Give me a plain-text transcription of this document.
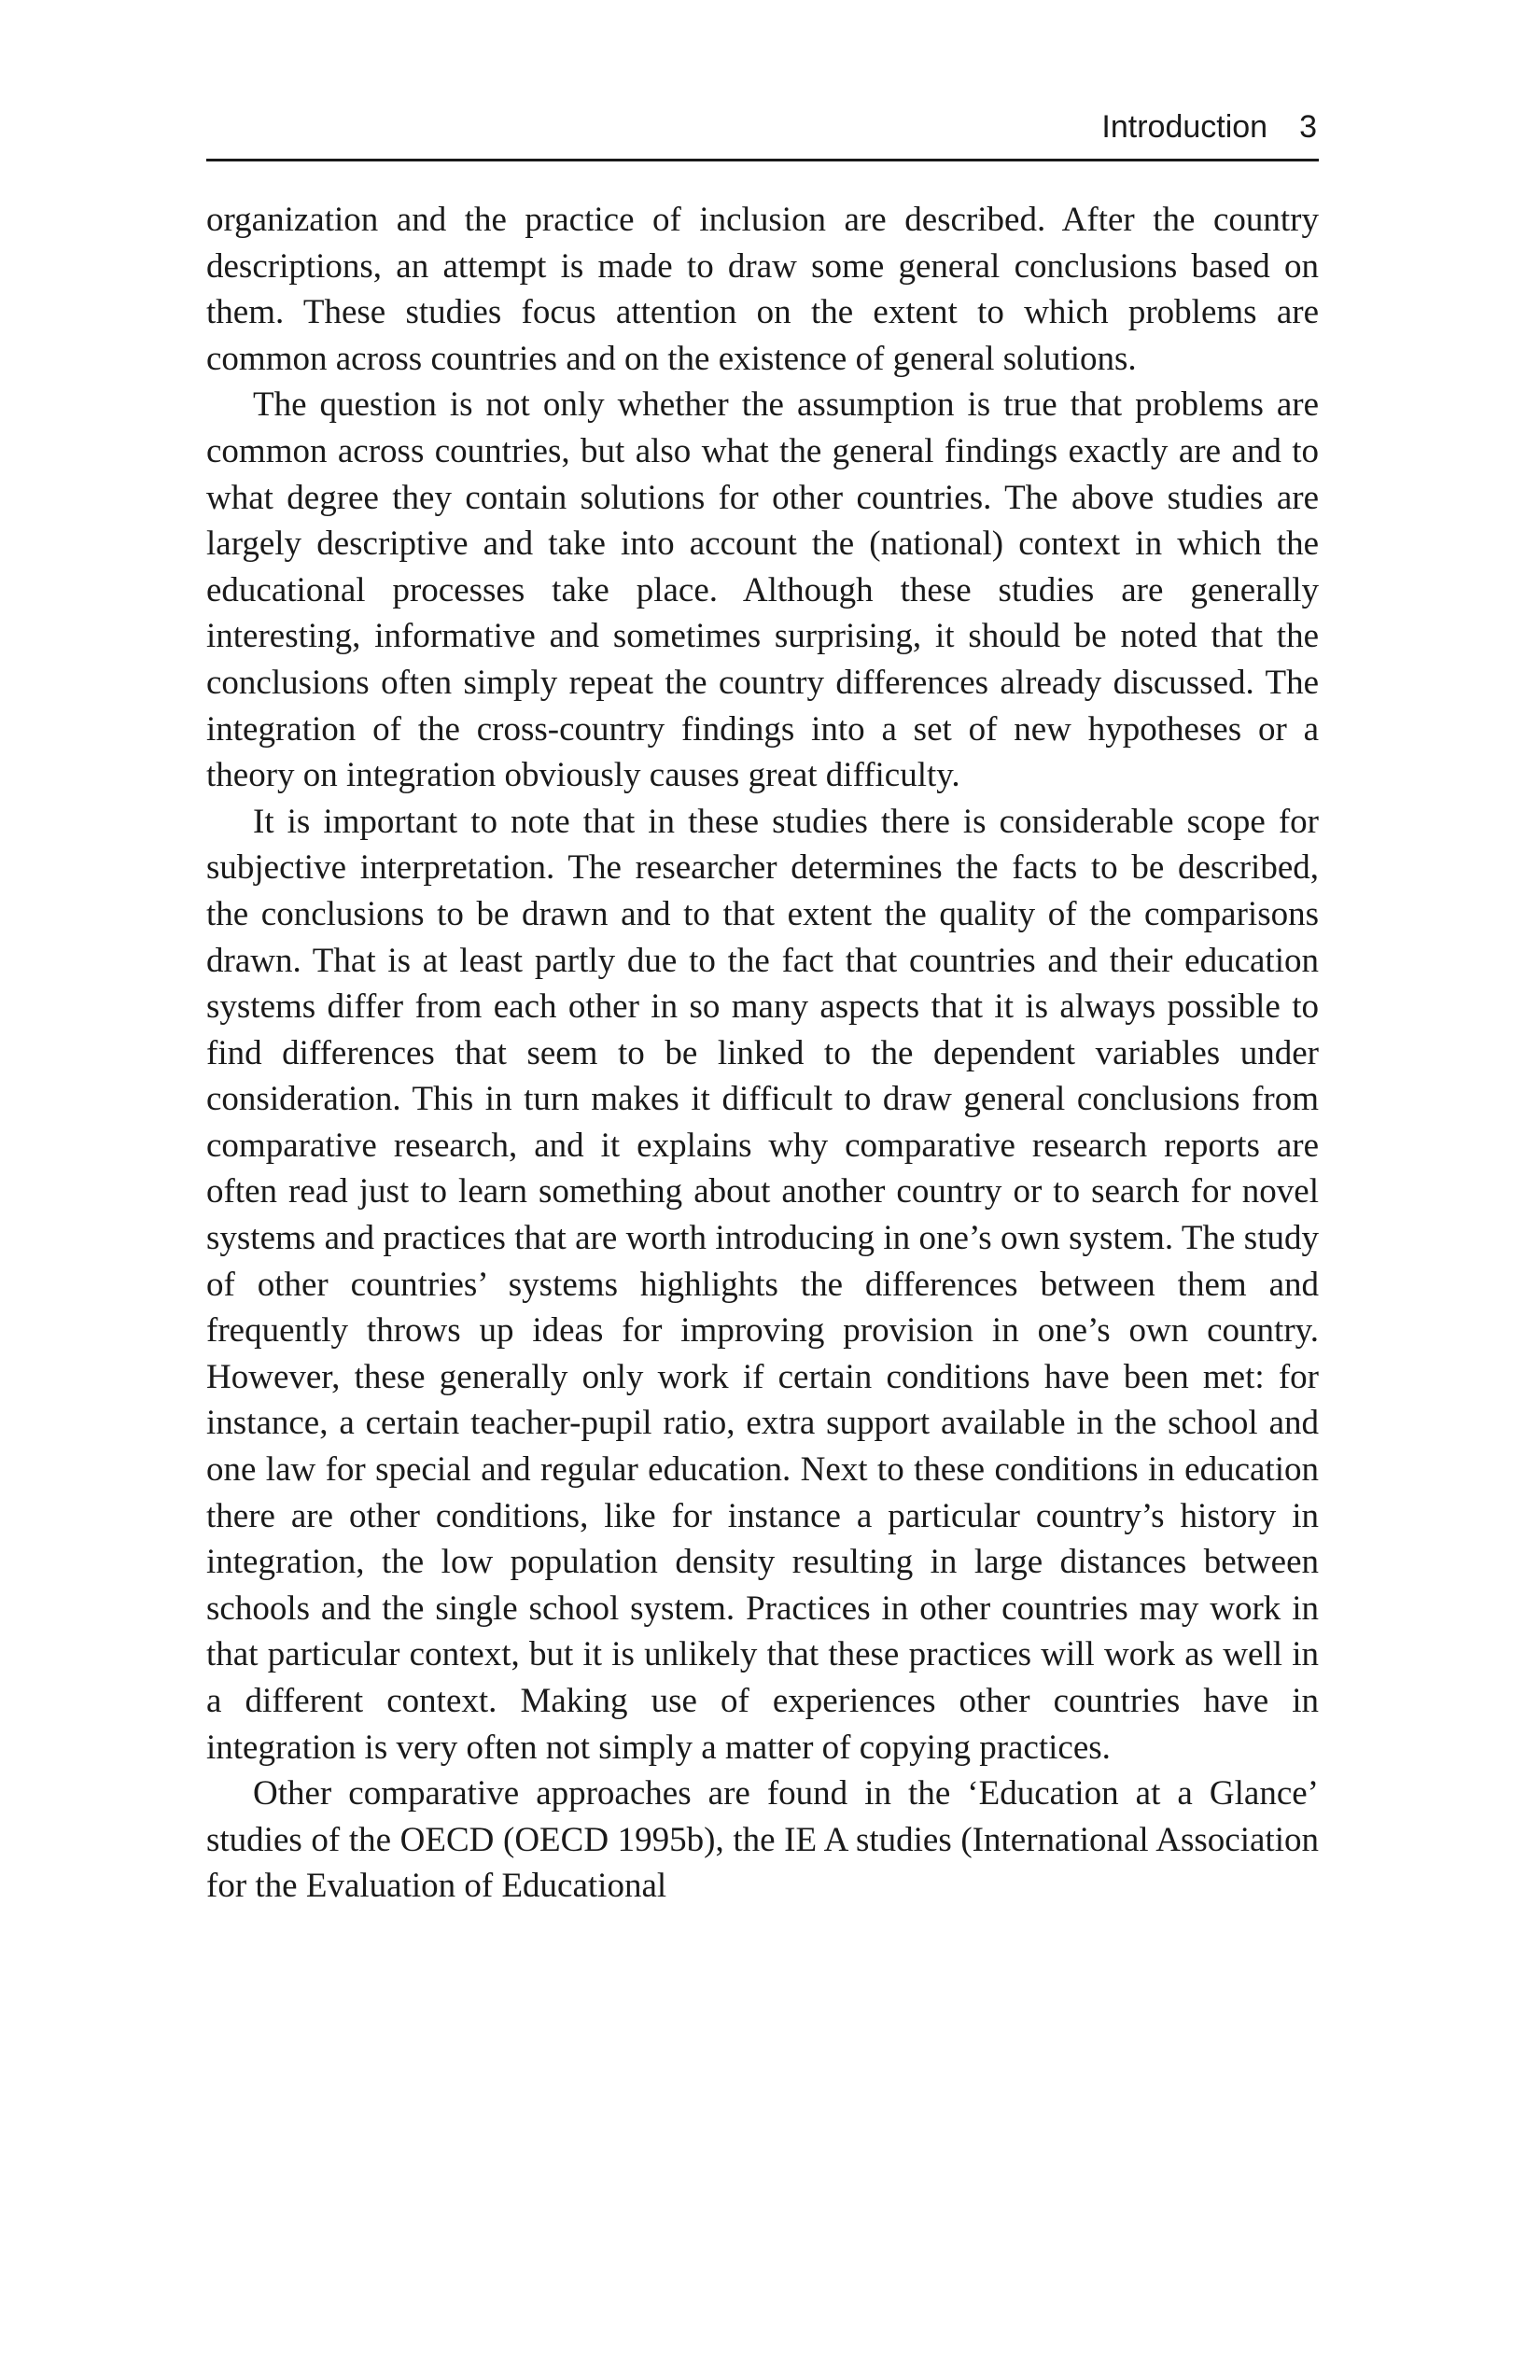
Introduction 3

organization and the practice of inclusion are described. After the country descriptions, an attempt is made to draw some general conclusions based on them. These studies focus attention on the extent to which problems are common across countries and on the existence of general solutions.

The question is not only whether the assumption is true that problems are common across countries, but also what the general findings exactly are and to what degree they contain solutions for other countries. The above studies are largely descriptive and take into account the (national) context in which the educational processes take place. Although these studies are generally interesting, informative and sometimes surprising, it should be noted that the conclusions often simply repeat the country differences already discussed. The integration of the cross-country findings into a set of new hypotheses or a theory on integration obviously causes great difficulty.

It is important to note that in these studies there is considerable scope for subjective interpretation. The researcher determines the facts to be described, the conclusions to be drawn and to that extent the quality of the comparisons drawn. That is at least partly due to the fact that countries and their education systems differ from each other in so many aspects that it is always possible to find differences that seem to be linked to the dependent variables under consideration. This in turn makes it difficult to draw general conclusions from comparative research, and it explains why comparative research reports are often read just to learn something about another country or to search for novel systems and practices that are worth introducing in one’s own system. The study of other countries’ systems highlights the differences between them and frequently throws up ideas for improving provision in one’s own country. However, these generally only work if certain conditions have been met: for instance, a certain teacher-pupil ratio, extra support available in the school and one law for special and regular education. Next to these conditions in education there are other conditions, like for instance a particular country’s history in integration, the low population density resulting in large distances between schools and the single school system. Practices in other countries may work in that particular context, but it is unlikely that these practices will work as well in a different context. Making use of experiences other countries have in integration is very often not simply a matter of copying practices.

Other comparative approaches are found in the ‘Education at a Glance’ studies of the OECD (OECD 1995b), the IE A studies (International Association for the Evaluation of Educational
